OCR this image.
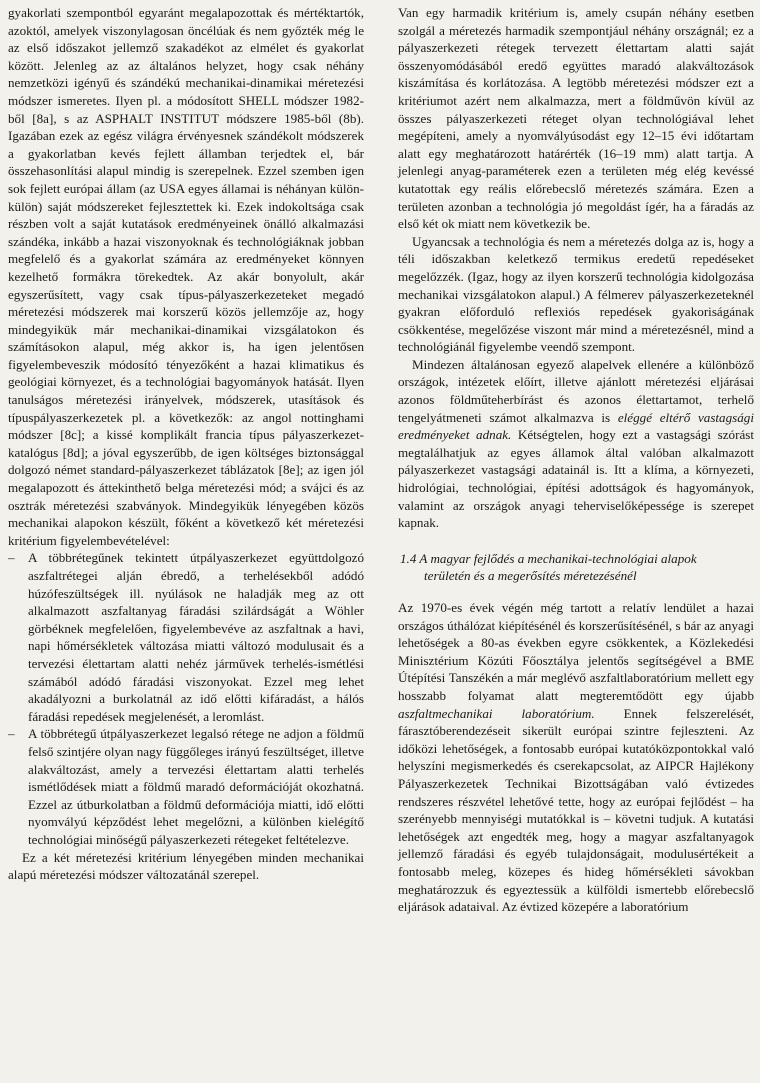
gyakorlati szempontból egyaránt megalapozottak és mértéktartók, azoktól, amelyek viszonylagosan öncélúak és nem győzték még le az első időszakot jellemző szakadékot az elmélet és gyakorlat között. Jelenleg az az általános helyzet, hogy csak néhány nemzetközi igényű és szándékú mechanikai-dinamikai méretezési módszer ismeretes. Ilyen pl. a módosított SHELL módszer 1982-ből [8a], s az ASPHALT INSTITUT módszere 1985-ből (8b). Igazában ezek az egész világra érvényesnek szándékolt módszerek a gyakorlatban kevés fejlett államban terjedtek el, bár összehasonlítási alapul mindig is szerepelnek. Ezzel szemben igen sok fejlett európai állam (az USA egyes államai is néhányan külön-külön) saját módszereket fejlesztettek ki. Ezek indokoltsága csak részben volt a saját kutatások eredményeinek önálló alkalmazási szándéka, inkább a hazai viszonyoknak és technológiáknak jobban megfelelő és a gyakorlat számára az eredményeket könnyen kezelhető formákra törekedtek. Az akár bonyolult, akár egyszerűsített, vagy csak típus-pályaszerkezeteket megadó méretezési módszerek mai korszerű közös jellemzője az, hogy mindegyikük már mechanikai-dinamikai vizsgálatokon és számításokon alapul, még akkor is, ha igen jelentősen figyelembeveszik módosító tényezőként a hazai klimatikus és geológiai környezet, és a technológiai bagyományok hatását. Ilyen tanulságos méretezési irányelvek, módszerek, utasítások és típuspályaszerkezetek pl. a következők: az angol nottinghami módszer [8c]; a kissé komplikált francia típus pályaszerkezet-katalógus [8d]; a jóval egyszerűbb, de igen költséges biztonsággal dolgozó német standard-pályaszerkezet táblázatok [8e]; az igen jól megalapozott és áttekinthető belga méretezési mód; a svájci és az osztrák méretezési szabványok. Mindegyikük lényegében közös mechanikai alapokon készült, főként a következő két méretezési kritérium figyelembevételével:

–	A többrétegűnek tekintett útpályaszerkezet együttdolgozó aszfaltrétegei alján ébredő, a terhelésekből adódó húzófeszültségek ill. nyúlások ne haladják meg az ott alkalmazott aszfaltanyag fáradási szilárdságát a Wöhler görbéknek megfelelően, figyelembevéve az aszfaltnak a havi, napi hőmérsékletek változása miatti változó modulusait és a tervezési élettartam alatti nehéz járművek terhelés-ismétlési számából adódó fáradási viszonyokat. Ezzel meg lehet akadályozni a burkolatnál az idő előtti kifáradást, a hálós fáradási repedések megjelenését, a leromlást.
–	A többrétegű útpályaszerkezet legalsó rétege ne adjon a földmű felső szintjére olyan nagy függőleges irányú feszültséget, illetve alakváltozást, amely a tervezési élettartam alatti terhelés ismétlődések miatt a földmű maradó deformációját okozhatná. Ezzel az útburkolatban a földmű deformációja miatti, idő előtti nyomvályú képződést lehet megelőzni, a különben kielégítő technológiai minőségű pályaszerkezeti rétegeket feltételezve.

Ez a két méretezési kritérium lényegében minden mechanikai alapú méretezési módszer változatánál szerepel.

Van egy harmadik kritérium is, amely csupán néhány esetben szolgál a méretezés harmadik szempontjául néhány országnál; ez a pályaszerkezeti rétegek tervezett élettartam alatti saját összenyomódásából eredő együttes maradó alakváltozások kiszámítása és korlátozása. A legtöbb méretezési módszer ezt a kritériumot azért nem alkalmazza, mert a földművön kívül az összes pályaszerkezeti réteget olyan technológiával lehet megépíteni, amely a nyomvályúsodást egy 12–15 évi időtartam alatt egy meghatározott határérték (16–19 mm) alatt tartja. A jelenlegi anyag-paraméterek ezen a területen még elég kevéssé kutatottak egy reális előrebecslő méretezés számára. Ezen a területen azonban a technológia jó megoldást ígér, ha a fáradás az első két ok miatt nem következik be.

Ugyancsak a technológia és nem a méretezés dolga az is, hogy a téli időszakban keletkező termikus eredetű repedéseket megelőzzék. (Igaz, hogy az ilyen korszerű technológia kidolgozása mechanikai vizsgálatokon alapul.) A félmerev pályaszerkezeteknél gyakran előforduló reflexiós repedések gyakoriságának csökkentése, megelőzése viszont már mind a méretezésnél, mind a technológiánál figyelembe veendő szempont.

Mindezen általánosan egyező alapelvek ellenére a különböző országok, intézetek előírt, illetve ajánlott méretezési eljárásai azonos földműteherbírást és azonos élettartamot, terhelő tengelyátmeneti számot alkalmazva is eléggé eltérő vastagsági eredményeket adnak. Kétségtelen, hogy ezt a vastagsági szórást megtalálhatjuk az egyes államok által valóban alkalmazott pályaszerkezet vastagsági adatainál is. Itt a klíma, a környezeti, hidrológiai, technológiai, építési adottságok és hagyományok, valamint az országok anyagi teherviselőképessége is szerepet kapnak.

1.4 A magyar fejlődés a mechanikai-technológiai alapok
területén és a megerősítés méretezésénél

Az 1970-es évek végén még tartott a relatív lendület a hazai országos úthálózat kiépítésénél és korszerűsítésénél, s bár az anyagi lehetőségek a 80-as években egyre csökkentek, a Közlekedési Minisztérium Közúti Főosztálya jelentős segítségével a BME Útépítési Tanszékén a már meglévő aszfaltlaboratórium mellett egy hosszabb folyamat alatt megteremtődött egy újabb aszfaltmechanikai laboratórium. Ennek felszerelését, fárasztóberendezéseit sikerült európai szintre fejleszteni. Az időközi lehetőségek, a fontosabb európai kutatóközpontokkal való helyszíni megismerkedés és cserekapcsolat, az AIPCR Hajlékony Pályaszerkezetek Technikai Bizottságában való évtizedes rendszeres részvétel lehetővé tette, hogy az európai fejlődést – ha szerényebb mennyiségi mutatókkal is – követni tudjuk. A kutatási lehetőségek azt engedték meg, hogy a magyar aszfaltanyagok jellemző fáradási és egyéb tulajdonságait, modulusértékeit a fontosabb meleg, közepes és hideg hőmérsékleti sávokban meghatározzuk és egyeztessük a külföldi ismertebb előrebecslő eljárások adataival. Az évtized közepére a laboratórium
